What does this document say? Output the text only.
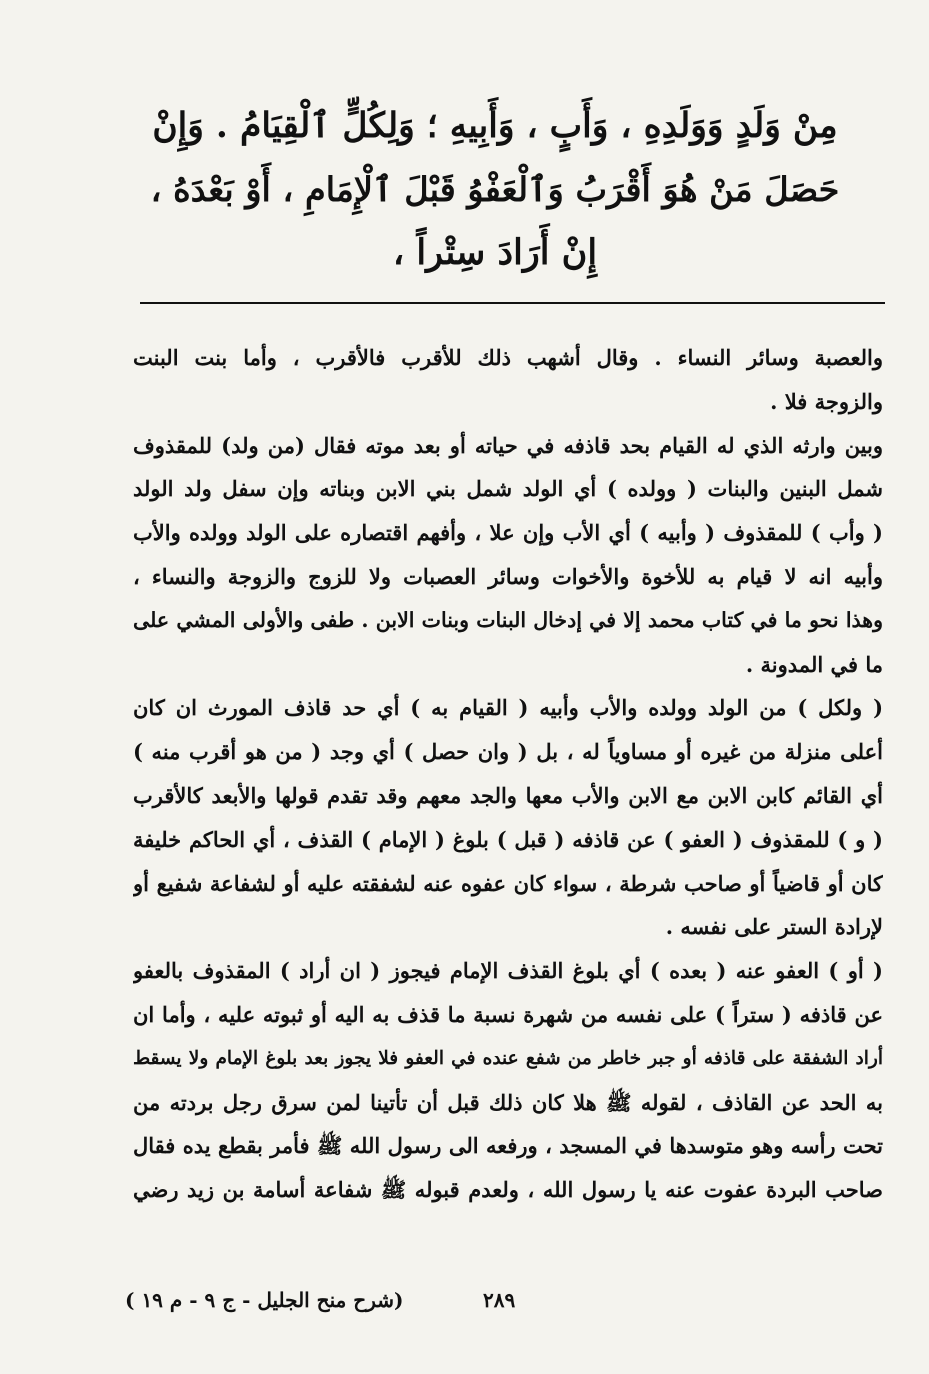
مِنْ وَلَدٍ وَوَلَدِهِ ، وَأَبٍ ، وَأَبِيهِ ؛ وَلِكُلٍّ ٱلْقِيَامُ . وَإِنْ
حَصَلَ مَنْ هُوَ أَقْرَبُ وَٱلْعَفْوُ قَبْلَ ٱلْإِمَامِ ، أَوْ بَعْدَهُ ،
إِنْ أَرَادَ سِتْراً ،
والعصبة وسائر النساء . وقال أشهب ذلك للأقرب فالأقرب ، وأما بنت البنت
والزوجة فلا .
وبين وارثه الذي له القيام بحد قاذفه في حياته أو بعد موته فقال (من ولد) للمقذوف
شمل البنين والبنات ( وولده ) أي الولد شمل بني الابن وبناته وإن سفل ولد الولد
( وأب ) للمقذوف ( وأبيه ) أي الأب وإن علا ، وأفهم اقتصاره على الولد وولده والأب
وأبيه انه لا قيام به للأخوة والأخوات وسائر العصبات ولا للزوج والزوجة والنساء ،
وهذا نحو ما في كتاب محمد إلا في إدخال البنات وبنات الابن . طفى والأولى المشي على
ما في المدونة .
( ولكل ) من الولد وولده والأب وأبيه ( القيام به ) أي حد قاذف المورث ان كان
أعلى منزلة من غيره أو مساوياً له ، بل ( وان حصل ) أي وجد ( من هو أقرب منه )
أي القائم كابن الابن مع الابن والأب معها والجد معهم وقد تقدم قولها والأبعد كالأقرب
( و ) للمقذوف ( العفو ) عن قاذفه ( قبل ) بلوغ ( الإمام ) القذف ، أي الحاكم خليفة
كان أو قاضياً أو صاحب شرطة ، سواء كان عفوه عنه لشفقته عليه أو لشفاعة شفيع أو
لإرادة الستر على نفسه .
( أو ) العفو عنه ( بعده ) أي بلوغ القذف الإمام فيجوز ( ان أراد ) المقذوف بالعفو
عن قاذفه ( ستراً ) على نفسه من شهرة نسبة ما قذف به اليه أو ثبوته عليه ، وأما ان
أراد الشفقة على قاذفه أو جبر خاطر من شفع عنده في العفو فلا يجوز بعد بلوغ الإمام ولا يسقط
به الحد عن القاذف ، لقوله ﷺ هلا كان ذلك قبل أن تأتينا لمن سرق رجل بردته من
تحت رأسه وهو متوسدها في المسجد ، ورفعه الى رسول الله ﷺ فأمر بقطع يده فقال
صاحب البردة عفوت عنه يا رسول الله ، ولعدم قبوله ﷺ شفاعة أسامة بن زيد رضي
(شرح منح الجليل - ج ٩ - م ١٩ )	٢٨٩
